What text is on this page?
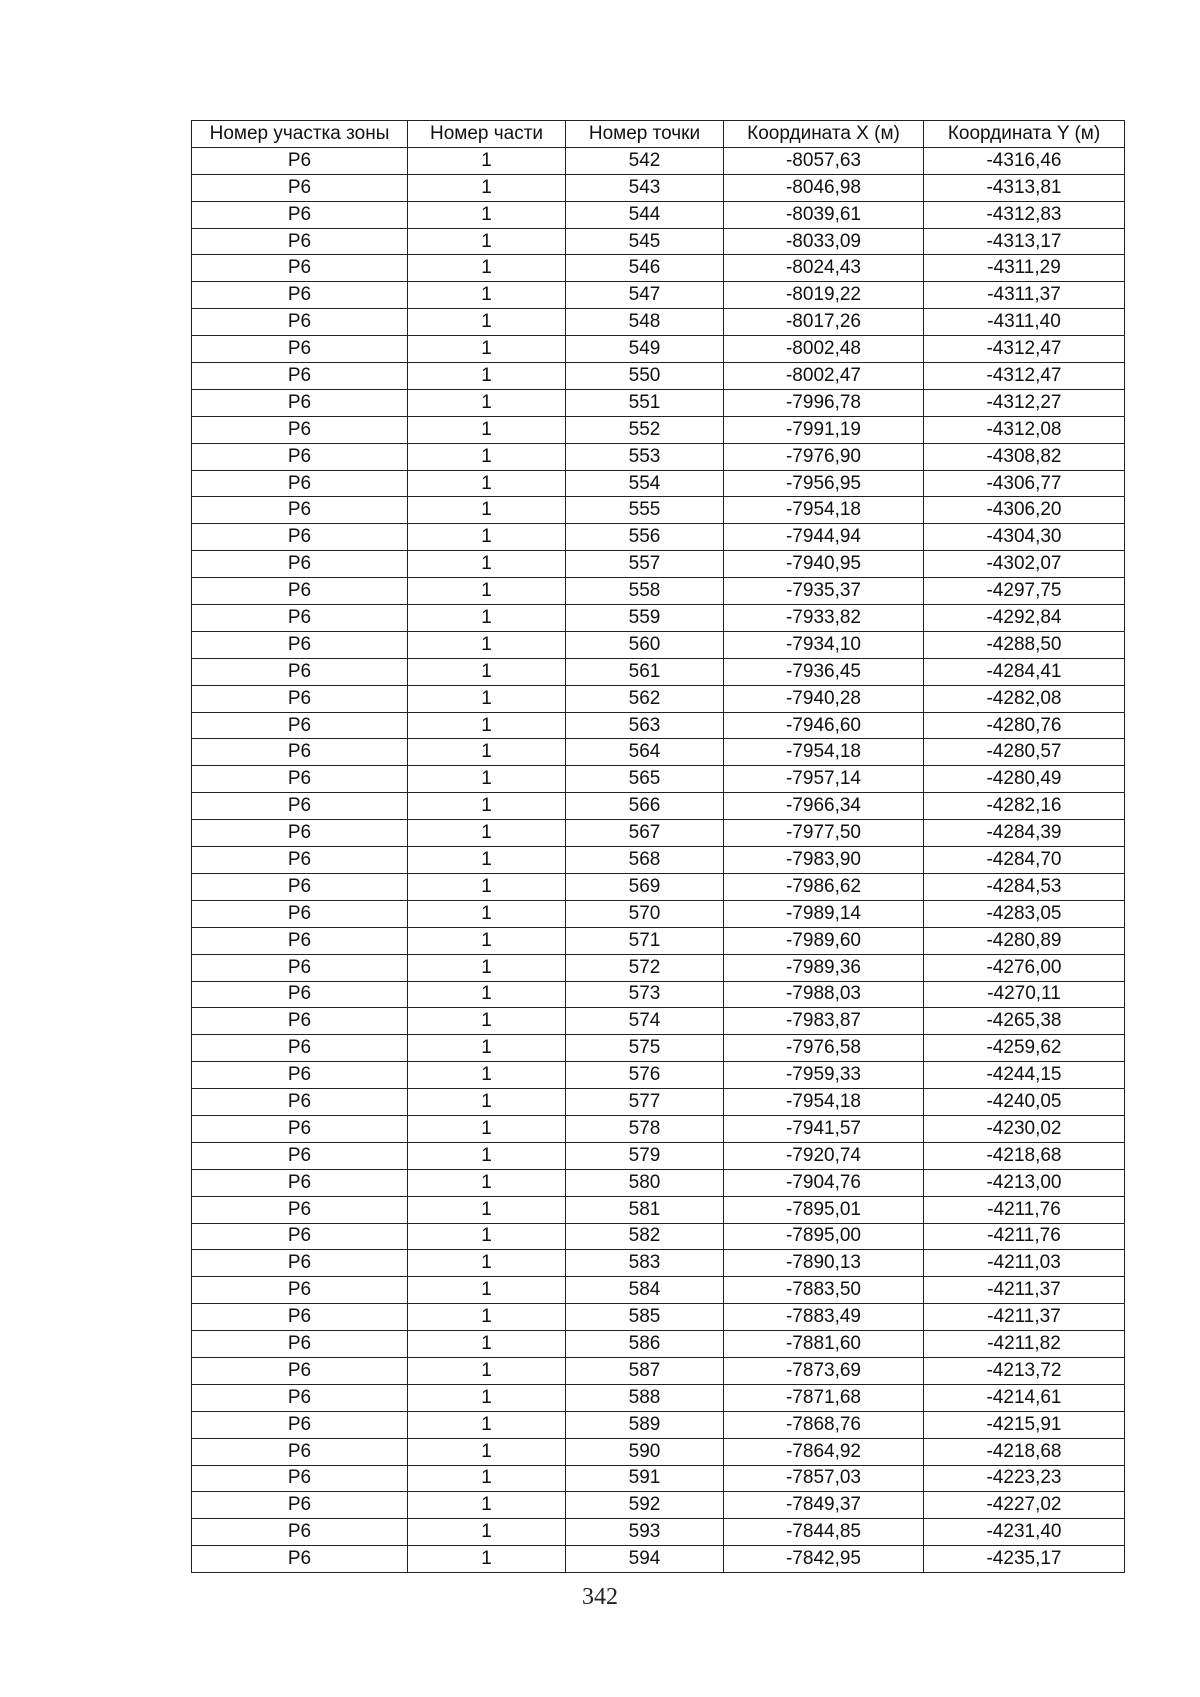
Номер участка зоны	Номер части	Номер точки	Координата X (м)	Координата Y (м)
Р6	1	542	-8057,63	-4316,46
Р6	1	543	-8046,98	-4313,81
Р6	1	544	-8039,61	-4312,83
Р6	1	545	-8033,09	-4313,17
Р6	1	546	-8024,43	-4311,29
Р6	1	547	-8019,22	-4311,37
Р6	1	548	-8017,26	-4311,40
Р6	1	549	-8002,48	-4312,47
Р6	1	550	-8002,47	-4312,47
Р6	1	551	-7996,78	-4312,27
Р6	1	552	-7991,19	-4312,08
Р6	1	553	-7976,90	-4308,82
Р6	1	554	-7956,95	-4306,77
Р6	1	555	-7954,18	-4306,20
Р6	1	556	-7944,94	-4304,30
Р6	1	557	-7940,95	-4302,07
Р6	1	558	-7935,37	-4297,75
Р6	1	559	-7933,82	-4292,84
Р6	1	560	-7934,10	-4288,50
Р6	1	561	-7936,45	-4284,41
Р6	1	562	-7940,28	-4282,08
Р6	1	563	-7946,60	-4280,76
Р6	1	564	-7954,18	-4280,57
Р6	1	565	-7957,14	-4280,49
Р6	1	566	-7966,34	-4282,16
Р6	1	567	-7977,50	-4284,39
Р6	1	568	-7983,90	-4284,70
Р6	1	569	-7986,62	-4284,53
Р6	1	570	-7989,14	-4283,05
Р6	1	571	-7989,60	-4280,89
Р6	1	572	-7989,36	-4276,00
Р6	1	573	-7988,03	-4270,11
Р6	1	574	-7983,87	-4265,38
Р6	1	575	-7976,58	-4259,62
Р6	1	576	-7959,33	-4244,15
Р6	1	577	-7954,18	-4240,05
Р6	1	578	-7941,57	-4230,02
Р6	1	579	-7920,74	-4218,68
Р6	1	580	-7904,76	-4213,00
Р6	1	581	-7895,01	-4211,76
Р6	1	582	-7895,00	-4211,76
Р6	1	583	-7890,13	-4211,03
Р6	1	584	-7883,50	-4211,37
Р6	1	585	-7883,49	-4211,37
Р6	1	586	-7881,60	-4211,82
Р6	1	587	-7873,69	-4213,72
Р6	1	588	-7871,68	-4214,61
Р6	1	589	-7868,76	-4215,91
Р6	1	590	-7864,92	-4218,68
Р6	1	591	-7857,03	-4223,23
Р6	1	592	-7849,37	-4227,02
Р6	1	593	-7844,85	-4231,40
Р6	1	594	-7842,95	-4235,17
342
